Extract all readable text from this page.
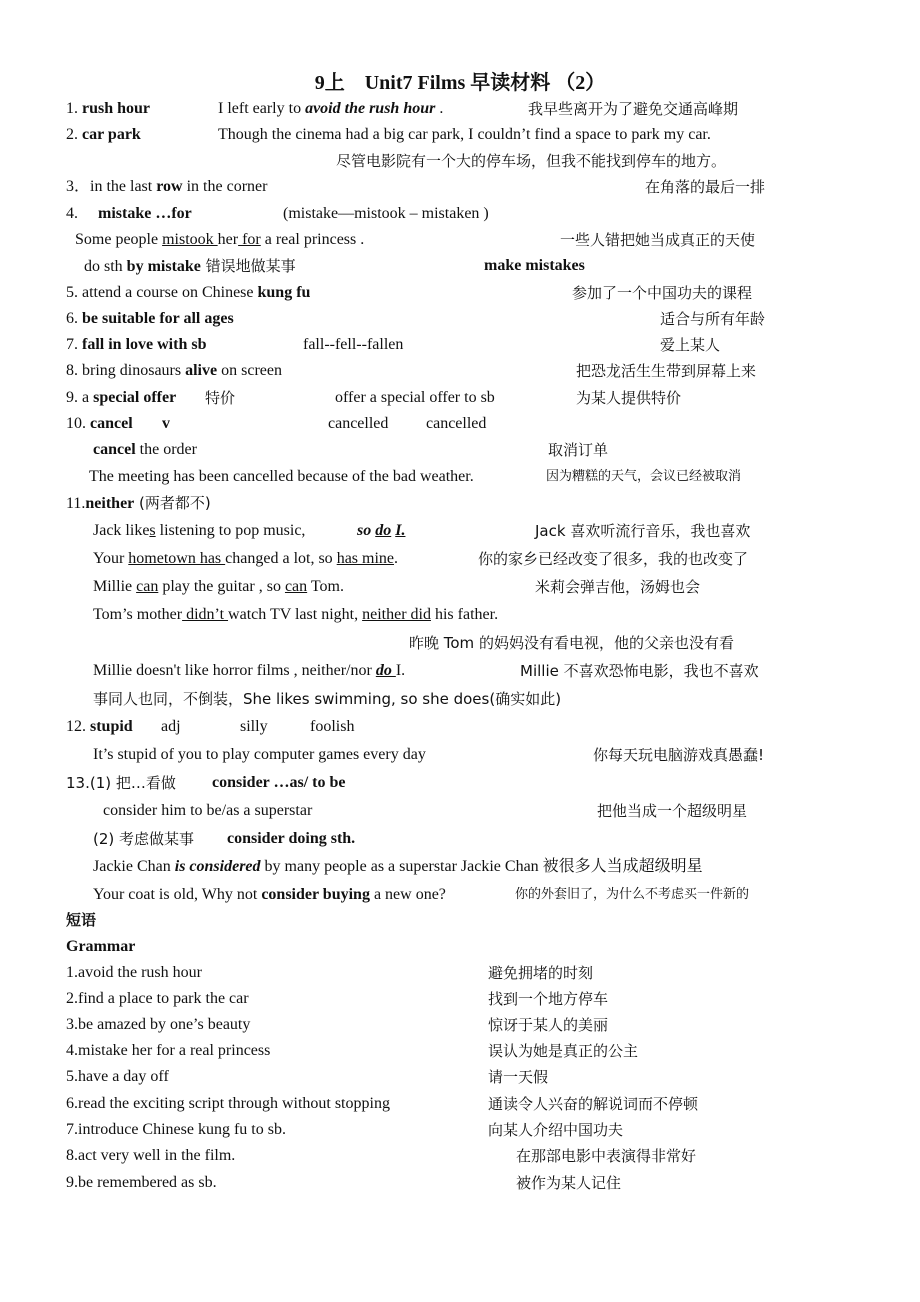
9上　Unit7 Films 早读材料 （2）
1. rush hour	I left early to avoid the rush hour .	我早些离开为了避免交通高峰期
2. car park	Though the cinema had a big car park, I couldn’t find a space to park my car.
尽管电影院有一个大的停车场，但我不能找到停车的地方。
3．in the last row in the corner	在角落的最后一排
4. mistake …for	(mistake—mistook – mistaken )
Some people mistook her for a real princess .	一些人错把她当成真正的天使
do sth by mistake 错误地做某事	make mistakes
5. attend a course on Chinese kung fu	参加了一个中国功夫的课程
6. be suitable for all ages	适合与所有年龄
7. fall in love with sb	fall--fell--fallen	爱上某人
8. bring dinosaurs alive on screen	把恐龙活生生带到屏幕上来
9. a special offer 特价	offer a special offer to sb	为某人提供特价
10. cancel v	cancelled cancelled
cancel the order	取消订单
The meeting has been cancelled because of the bad weather.	因为糟糕的天气，会议已经被取消
11.neither (两者都不)
Jack likes listening to pop music,	so do I.	Jack 喜欢听流行音乐，我也喜欢
Your hometown has changed a lot, so has mine.	你的家乡已经改变了很多，我的也改变了
Millie can play the guitar , so can Tom.	米莉会弹吉他，汤姆也会
Tom’s mother didn’t watch TV last night, neither did his father.
昨晚 Tom 的妈妈没有看电视，他的父亲也没有看
Millie doesn't like horror films , neither/nor do I.	Millie 不喜欢恐怖电影，我也不喜欢
事同人也同，不倒装，She likes swimming, so she does(确实如此)
12. stupid adj	silly	foolish
It’s stupid of you to play computer games every day	你每天玩电脑游戏真愚蠢!
13.(1) 把…看做 consider …as/ to be
consider him to be/as a superstar	把他当成一个超级明星
(2) 考虑做某事 consider doing sth.
Jackie Chan is considered by many people as a superstar Jackie Chan 被很多人当成超级明星
Your coat is old, Why not consider buying a new one?	你的外套旧了，为什么不考虑买一件新的
短语
Grammar
1.avoid the rush hour	避免拥堵的时刻
2.find a place to park the car	找到一个地方停车
3.be amazed by one’s beauty	惊讶于某人的美丽
4.mistake her for a real princess	误认为她是真正的公主
5.have a day off	请一天假
6.read the exciting script through without stopping	通读令人兴奋的解说词而不停顿
7.introduce Chinese kung fu to sb.	向某人介绍中国功夫
8.act very well in the film.	在那部电影中表演得非常好
9.be remembered as sb.	被作为某人记住
